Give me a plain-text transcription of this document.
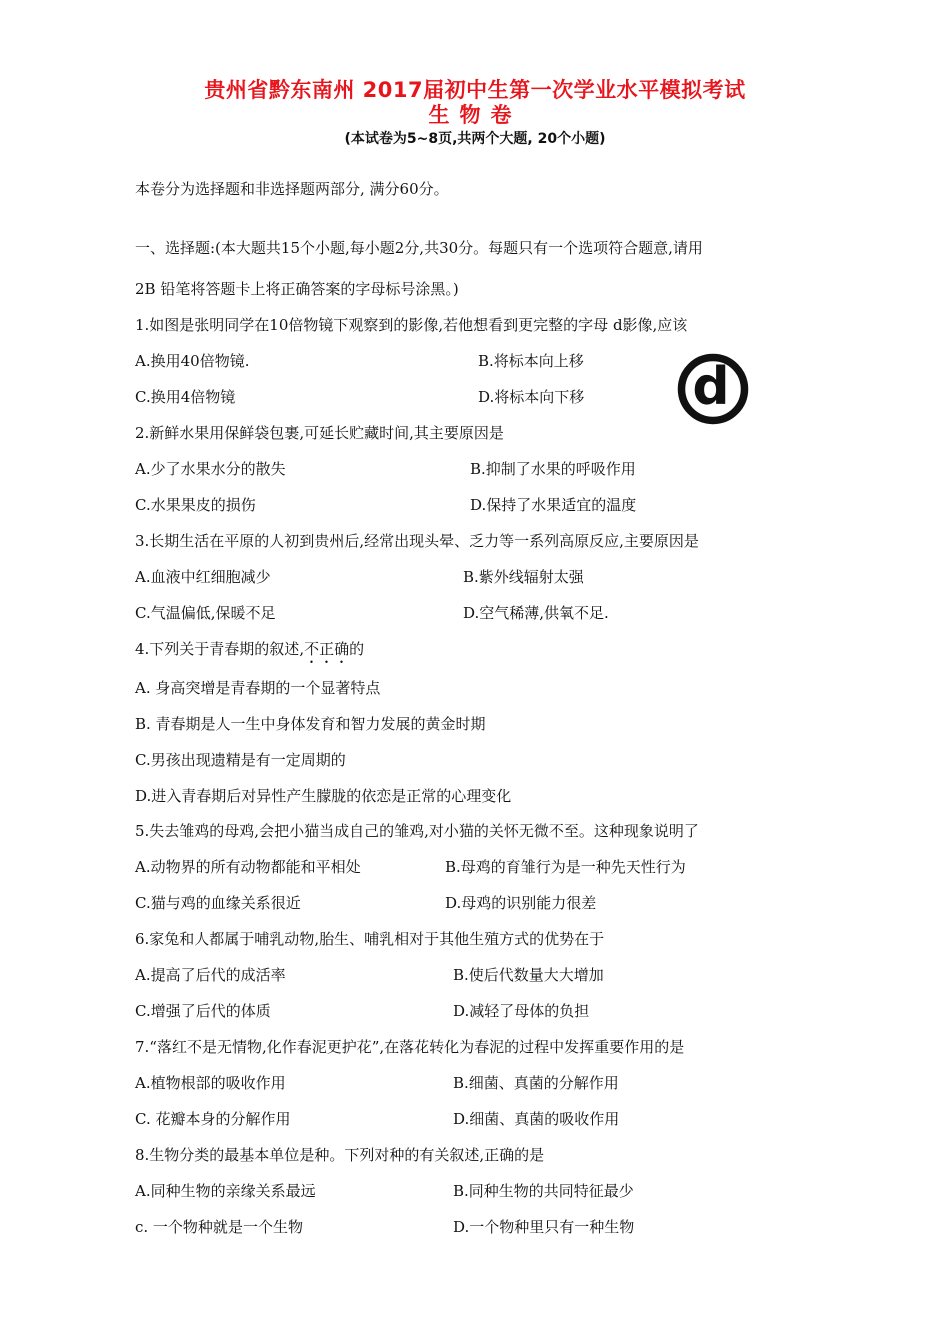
贵州省黔东南州 2017届初中生第一次学业水平模拟考试
生物卷
(本试卷为5~8页,共两个大题, 20个小题)
本卷分为选择题和非选择题两部分, 满分60分。
一、选择题:(本大题共15个小题,每小题2分,共30分。每题只有一个选项符合题意,请用
2B 铅笔将答题卡上将正确答案的字母标号涂黑。)
1.如图是张明同学在10倍物镜下观察到的影像,若他想看到更完整的字母 d影像,应该
A.换用40倍物镜.	B.将标本向上移
C.换用4倍物镜	D.将标本向下移 d
2.新鲜水果用保鲜袋包裹,可延长贮藏时间,其主要原因是
A.少了水果水分的散失	B.抑制了水果的呼吸作用
C.水果果皮的损伤	D.保持了水果适宜的温度
3.长期生活在平原的人初到贵州后,经常出现头晕、乏力等一系列高原反应,主要原因是
A.血液中红细胞减少	B.紫外线辐射太强
C.气温偏低,保暖不足	D.空气稀薄,供氧不足.
4.下列关于青春期的叙述,不正确的
A. 身高突增是青春期的一个显著特点
B. 青春期是人一生中身体发育和智力发展的黄金时期
C.男孩出现遗精是有一定周期的
D.进入青春期后对异性产生朦胧的依恋是正常的心理变化
5.失去雏鸡的母鸡,会把小猫当成自己的雏鸡,对小猫的关怀无微不至。这种现象说明了
A.动物界的所有动物都能和平相处	B.母鸡的育雏行为是一种先天性行为
C.猫与鸡的血缘关系很近	D.母鸡的识别能力很差
6.家兔和人都属于哺乳动物,胎生、哺乳相对于其他生殖方式的优势在于
A.提高了后代的成活率	B.使后代数量大大增加
C.增强了后代的体质	D.减轻了母体的负担
7.“落红不是无情物,化作春泥更护花”,在落花转化为春泥的过程中发挥重要作用的是
A.植物根部的吸收作用	B.细菌、真菌的分解作用
C. 花瓣本身的分解作用	D.细菌、真菌的吸收作用
8.生物分类的最基本单位是种。下列对种的有关叙述,正确的是
A.同种生物的亲缘关系最远	B.同种生物的共同特征最少
c. 一个物种就是一个生物	D.一个物种里只有一种生物
